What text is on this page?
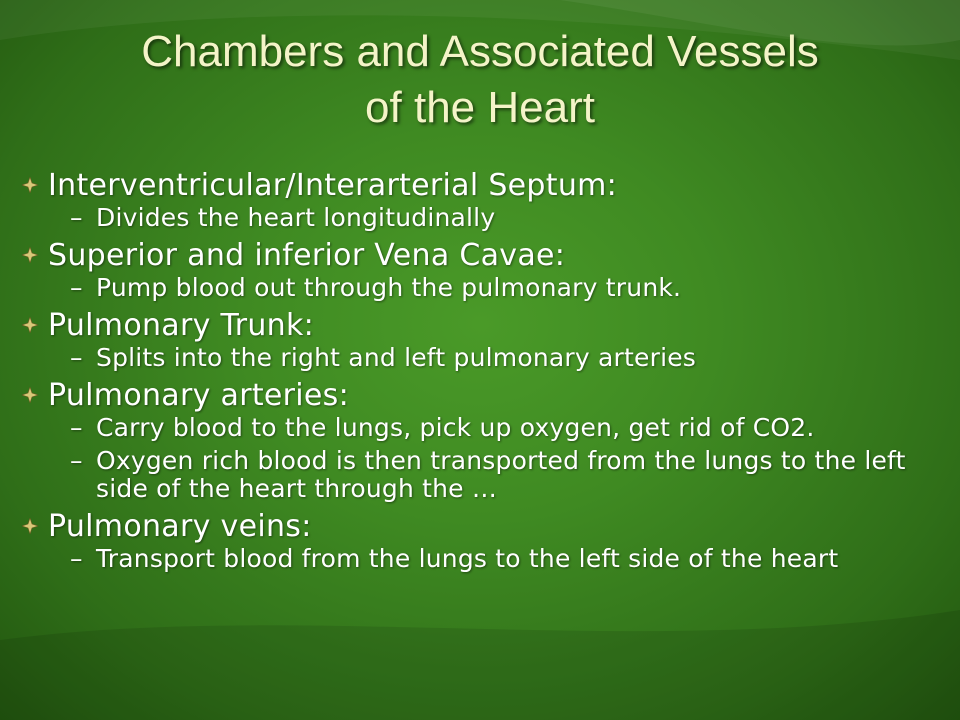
Chambers and Associated Vessels
of the Heart
Interventricular/Interarterial Septum:
– Divides the heart longitudinally
Superior and inferior Vena Cavae:
– Pump blood out through the pulmonary trunk.
Pulmonary Trunk:
– Splits into the right and left pulmonary arteries
Pulmonary arteries:
– Carry blood to the lungs, pick up oxygen, get rid of CO2.
– Oxygen rich blood is then transported from the lungs to the left side of the heart through the …
Pulmonary veins:
– Transport blood from the lungs to the left side of the heart
